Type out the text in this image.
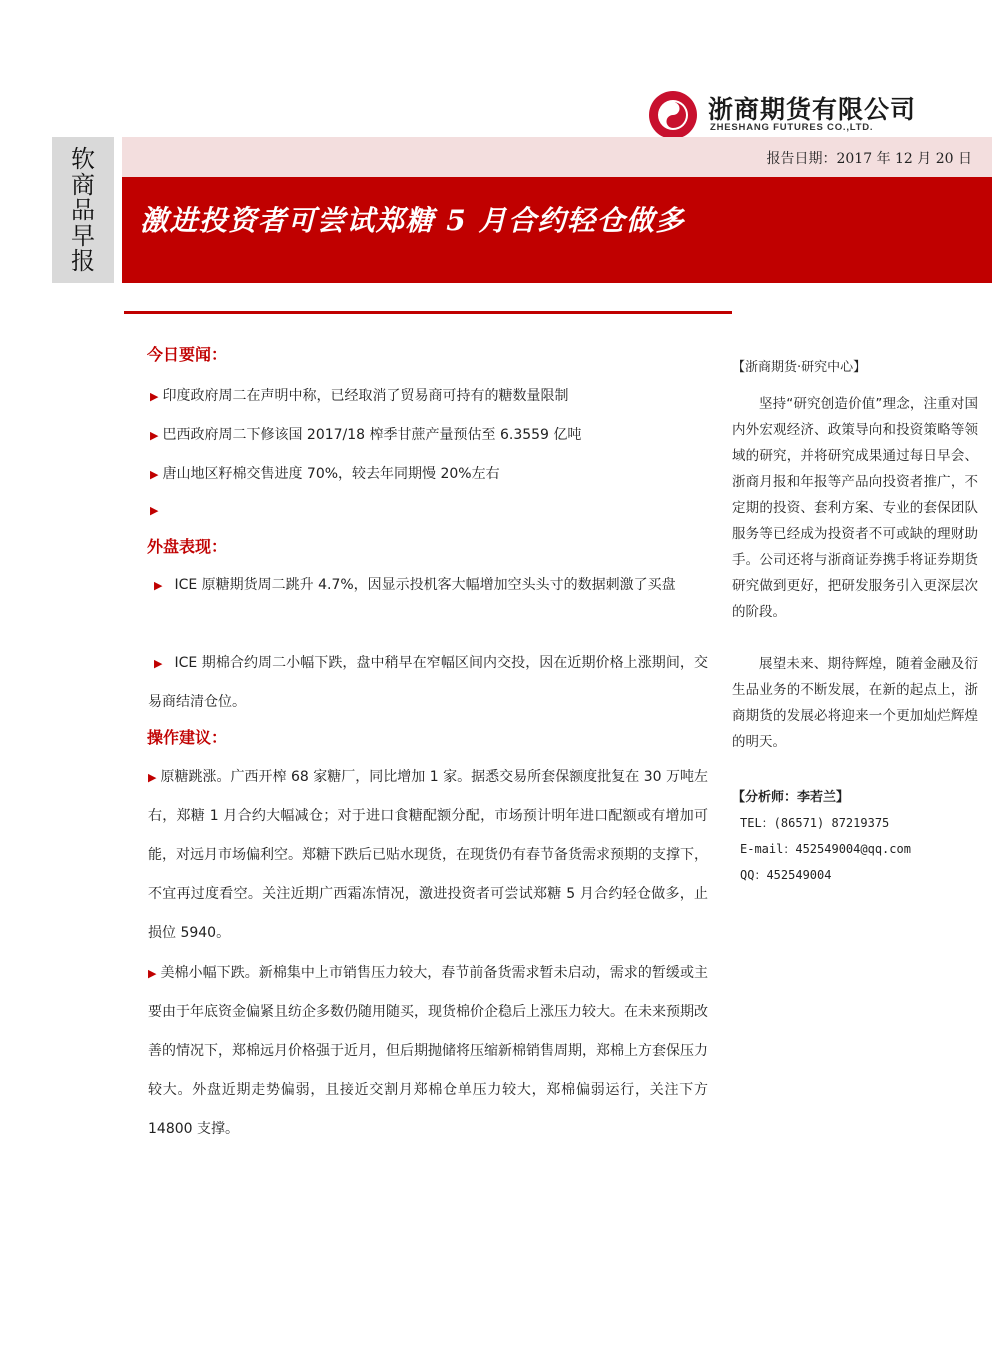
浙商期货有限公司
ZHESHANG FUTURES CO.,LTD.
软
商
品
早
报
报告日期：2017 年 12 月 20 日
激进投资者可尝试郑糖 5 月合约轻仓做多
今日要闻：
▶ 印度政府周二在声明中称，已经取消了贸易商可持有的糖数量限制
▶ 巴西政府周二下修该国 2017/18 榨季甘蔗产量预估至 6.3559 亿吨
▶ 唐山地区籽棉交售进度 70%，较去年同期慢 20%左右
▶
外盘表现：
▶ ICE 原糖期货周二跳升 4.7%，因显示投机客大幅增加空头头寸的数据刺激了买盘
▶ ICE 期棉合约周二小幅下跌，盘中稍早在窄幅区间内交投，因在近期价格上涨期间，交易商结清仓位。
操作建议：
▶ 原糖跳涨。广西开榨 68 家糖厂，同比增加 1 家。据悉交易所套保额度批复在 30 万吨左右，郑糖 1 月合约大幅减仓；对于进口食糖配额分配，市场预计明年进口配额或有增加可能，对远月市场偏利空。郑糖下跌后已贴水现货，在现货仍有春节备货需求预期的支撑下，不宜再过度看空。关注近期广西霜冻情况，激进投资者可尝试郑糖 5 月合约轻仓做多，止损位 5940。
▶ 美棉小幅下跌。新棉集中上市销售压力较大，春节前备货需求暂未启动，需求的暂缓或主要由于年底资金偏紧且纺企多数仍随用随买，现货棉价企稳后上涨压力较大。在未来预期改善的情况下，郑棉远月价格强于近月，但后期抛储将压缩新棉销售周期，郑棉上方套保压力较大。外盘近期走势偏弱，且接近交割月郑棉仓单压力较大，郑棉偏弱运行，关注下方 14800 支撑。
【浙商期货·研究中心】
坚持“研究创造价值”理念，注重对国内外宏观经济、政策导向和投资策略等领域的研究，并将研究成果通过每日早会、浙商月报和年报等产品向投资者推广，不定期的投资、套利方案、专业的套保团队服务等已经成为投资者不可或缺的理财助手。公司还将与浙商证券携手将证券期货研究做到更好，把研发服务引入更深层次的阶段。
展望未来、期待辉煌，随着金融及衍生品业务的不断发展，在新的起点上，浙商期货的发展必将迎来一个更加灿烂辉煌的明天。
【分析师：李若兰】
TEL：(86571) 87219375
E-mail：452549004@qq.com
QQ：452549004
